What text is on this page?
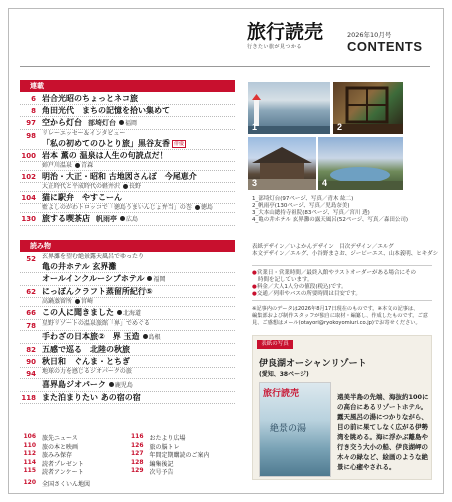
旅行読売
行きたい旅が見つかる
2026年10月号
CONTENTS
連載
6 岩合光昭のちょっとネコ旅
8 角田光代　まちの記憶を拾い集めて
97 空から灯台 部埼灯台 福岡
98	リレーエッセー＆インタビュー
「私の初めてのひとり旅」黒谷友香 俳優
100 岩本 薫の 温泉は人生の句読点だ！
姉戸川温泉 青森
102 明治・大正・昭和 古地図さんぽ　今尾恵介
大正時代と平成時代の軽井沢 長野
104 猫に駅弁　やすこーん
藍よしのがわトロッコで「徳島うまいんじょ弁当」の巻 徳島
130 旅する喫茶店 帆雨亭 広島
読み物
52	玄界灘を望む絶景露天風呂でゆったり
亀の井ホテル 玄界灘
オールインクルーシブホテル 福岡
62 にっぽんクラフト蒸留所紀行⑤
高鍋蒸留所 宮崎
66 この人に聞きました 北海道
78	星野リゾートの温泉旅館「界」でめぐる
手わざの日本旅②　界 玉造 島根
82 五感で巡る　北陸の秋旅
90 秋日和　ぐんま・とちぎ
94	地球の力を感じるジオパークの旅
喜界島ジオパーク 鹿児島
118 また泊まりたい あの宿の宿
106	旅先ニュース
110	旅の本と映画
112	旅みみ保存
114	読者プレゼント
115	読者アンケート
116	おたより広場
126	旅の脳トレ
127	年間定期購読のご案内
128	編集後記
129	次号予告
120	全国さくいん地図
1	2
3	4
1_部埼灯台(97ページ、写真／青木 紘二)
2_帆雨亭(130ページ、写真／児島奈美)
3_大本山總持寺祖院(83ページ、写真／宮川 透)
4_亀の井ホテル 玄界灘の露天風呂(52ページ、写真／森田公司)
表紙デザイン／いよかんデザイン　目次デザイン／エルグ
本文デザイン／エルグ、小谷野まさお、ジービーエス、山本義明、ヒキダシ
●営業日・営業時間／最終入館やラストオーダーがある場合にその
時間を記しています。
●料金／大人1人分の値段(税込)です。
●交通／列車やバスの所要時間は目安です。
※記事内のデータは2026年8月17日現在のものです。※本文の記事は、
編集部および制作スタッフが独自に取材・編纂し、作成したものです。ご意
見、ご感想はメール(otayori@ryokoyomiuri.co.jp)でお寄せください。
表紙の写真
伊良湖オーシャンリゾート
(愛知、38ページ)
旅行読売
絶景の湯
遠美半島の先端、海抜約100に
の高台にあるリゾートホテル。
露天風呂の湯につかりながら、
目の前に果てしなく広がる伊勢
湾を眺める。海に浮かぶ離島や
行き交う大小の船、伊良湖岬の
木々の緑など、絵画のような絶
景に心癒やされる。
